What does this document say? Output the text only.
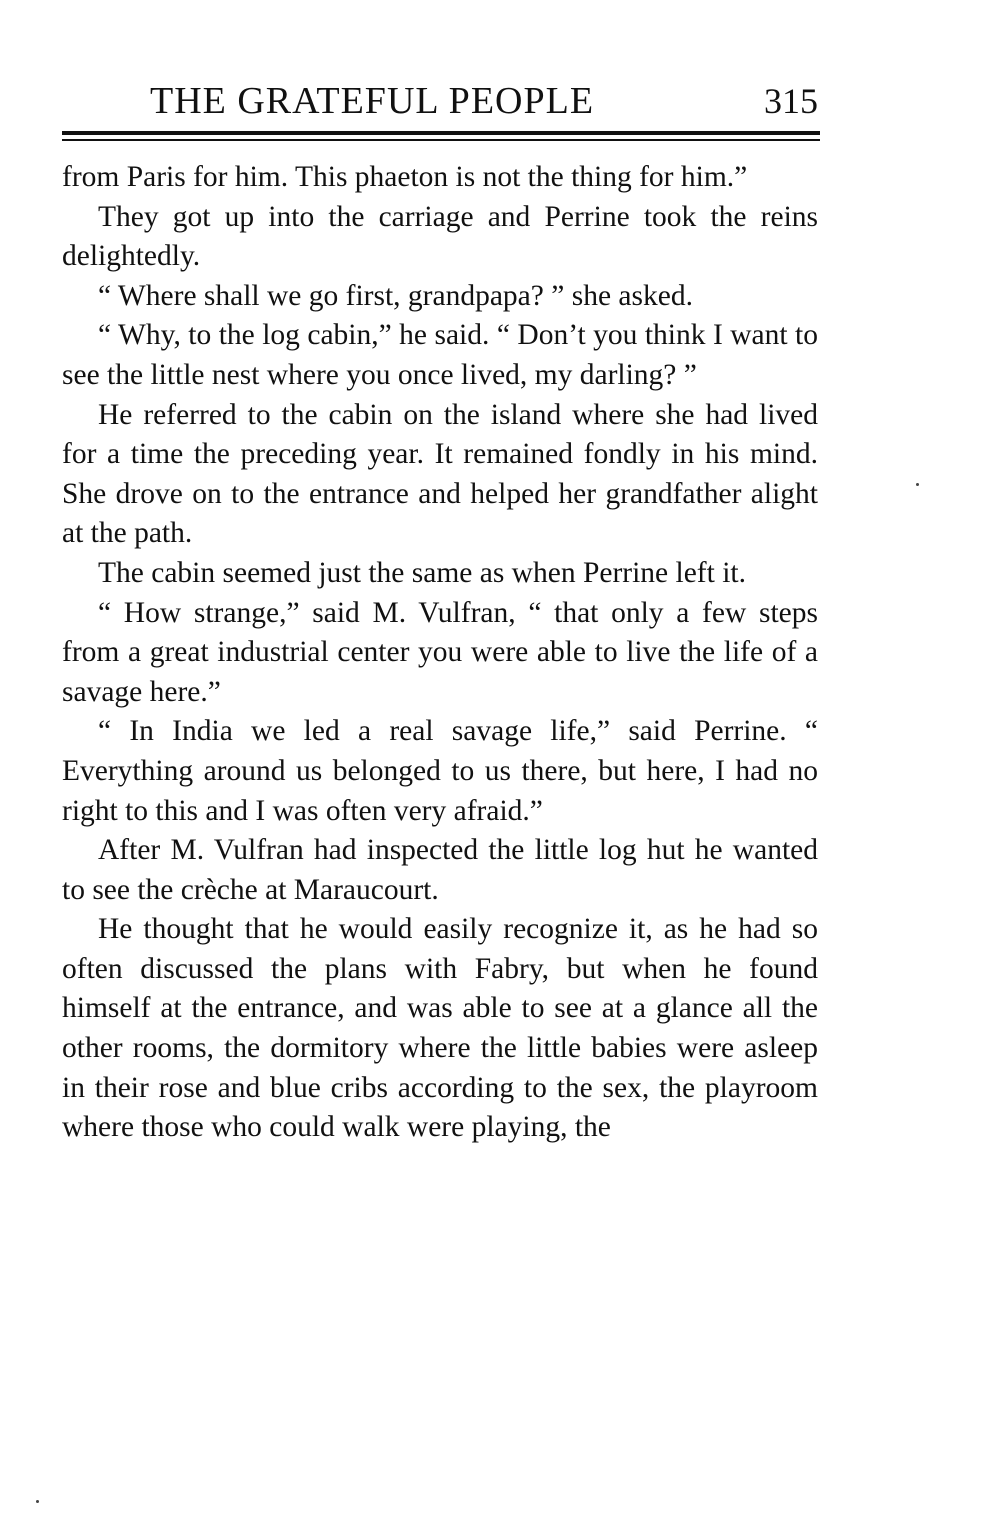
THE GRATEFUL PEOPLE	315

from Paris for him. This phaeton is not the thing for him.”

They got up into the carriage and Perrine took the reins delightedly.

“ Where shall we go first, grandpapa? ” she asked.

“ Why, to the log cabin,” he said. “ Don’t you think I want to see the little nest where you once lived, my darling? ”

He referred to the cabin on the island where she had lived for a time the preceding year. It remained fondly in his mind. She drove on to the entrance and helped her grandfather alight at the path.

The cabin seemed just the same as when Perrine left it.

“ How strange,” said M. Vulfran, “ that only a few steps from a great industrial center you were able to live the life of a savage here.”

“ In India we led a real savage life,” said Perrine. “ Everything around us belonged to us there, but here, I had no right to this and I was often very afraid.”

After M. Vulfran had inspected the little log hut he wanted to see the crèche at Maraucourt.

He thought that he would easily recognize it, as he had so often discussed the plans with Fabry, but when he found himself at the entrance, and was able to see at a glance all the other rooms, the dormitory where the little babies were asleep in their rose and blue cribs according to the sex, the playroom where those who could walk were playing, the
